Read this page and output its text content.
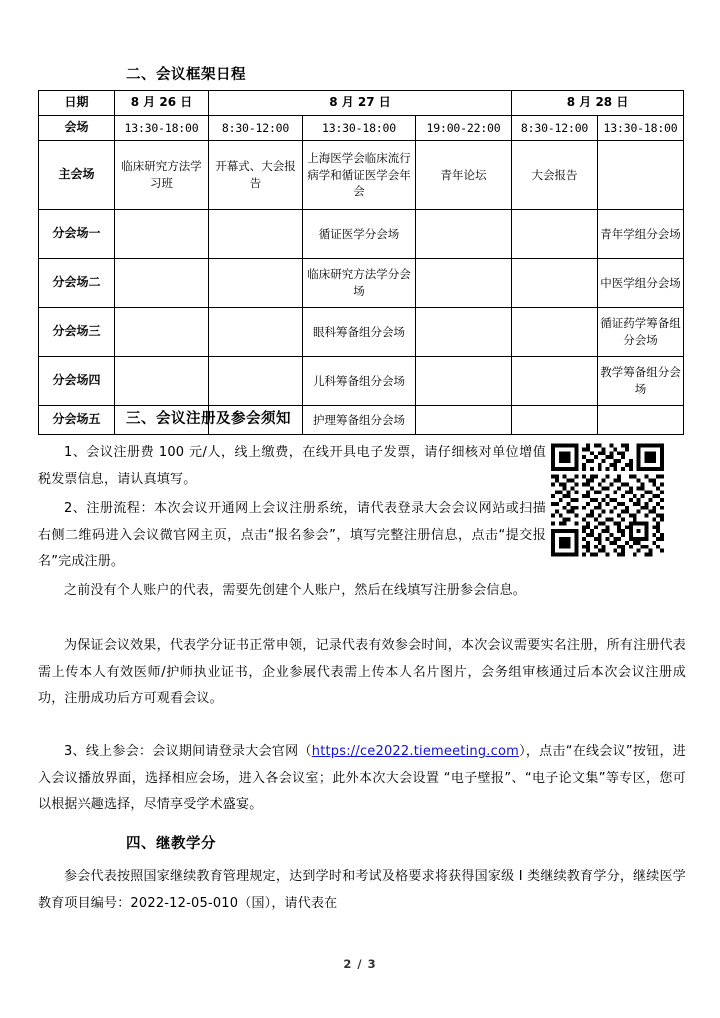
二、会议框架日程
日期	8 月 26 日	8 月 27 日			8 月 28 日	
会场	13:30-18:00	8:30-12:00	13:30-18:00	19:00-22:00	8:30-12:00	13:30-18:00
主会场	临床研究方法学习班	开幕式、大会报告	上海医学会临床流行病学和循证医学会年会	青年论坛	大会报告	
分会场一			循证医学分会场			青年学组分会场
分会场二			临床研究方法学分会场			中医学组分会场
分会场三			眼科筹备组分会场			循证药学筹备组分会场
分会场四			儿科筹备组分会场			教学筹备组分会场
分会场五			护理筹备组分会场			
三、会议注册及参会须知
1、会议注册费 100 元/人，线上缴费，在线开具电子发票，请仔细核对单位增值税发票信息，请认真填写。
2、注册流程：本次会议开通网上会议注册系统，请代表登录大会会议网站或扫描右侧二维码进入会议微官网主页，点击“报名参会”，填写完整注册信息，点击“提交报名”完成注册。
之前没有个人账户的代表，需要先创建个人账户，然后在线填写注册参会信息。
为保证会议效果，代表学分证书正常申领，记录代表有效参会时间，本次会议需要实名注册，所有注册代表需上传本人有效医师/护师执业证书，企业参展代表需上传本人名片图片，会务组审核通过后本次会议注册成功，注册成功后方可观看会议。
3、线上参会：会议期间请登录大会官网（https://ce2022.tiemeeting.com），点击“在线会议”按钮，进入会议播放界面，选择相应会场，进入各会议室；此外本次大会设置 “电子壁报”、“电子论文集”等专区，您可以根据兴趣选择，尽情享受学术盛宴。
四、继教学分
参会代表按照国家继续教育管理规定，达到学时和考试及格要求将获得国家级 I 类继续教育学分，继续医学教育项目编号：2022-12-05-010（国），请代表在
2 / 3
